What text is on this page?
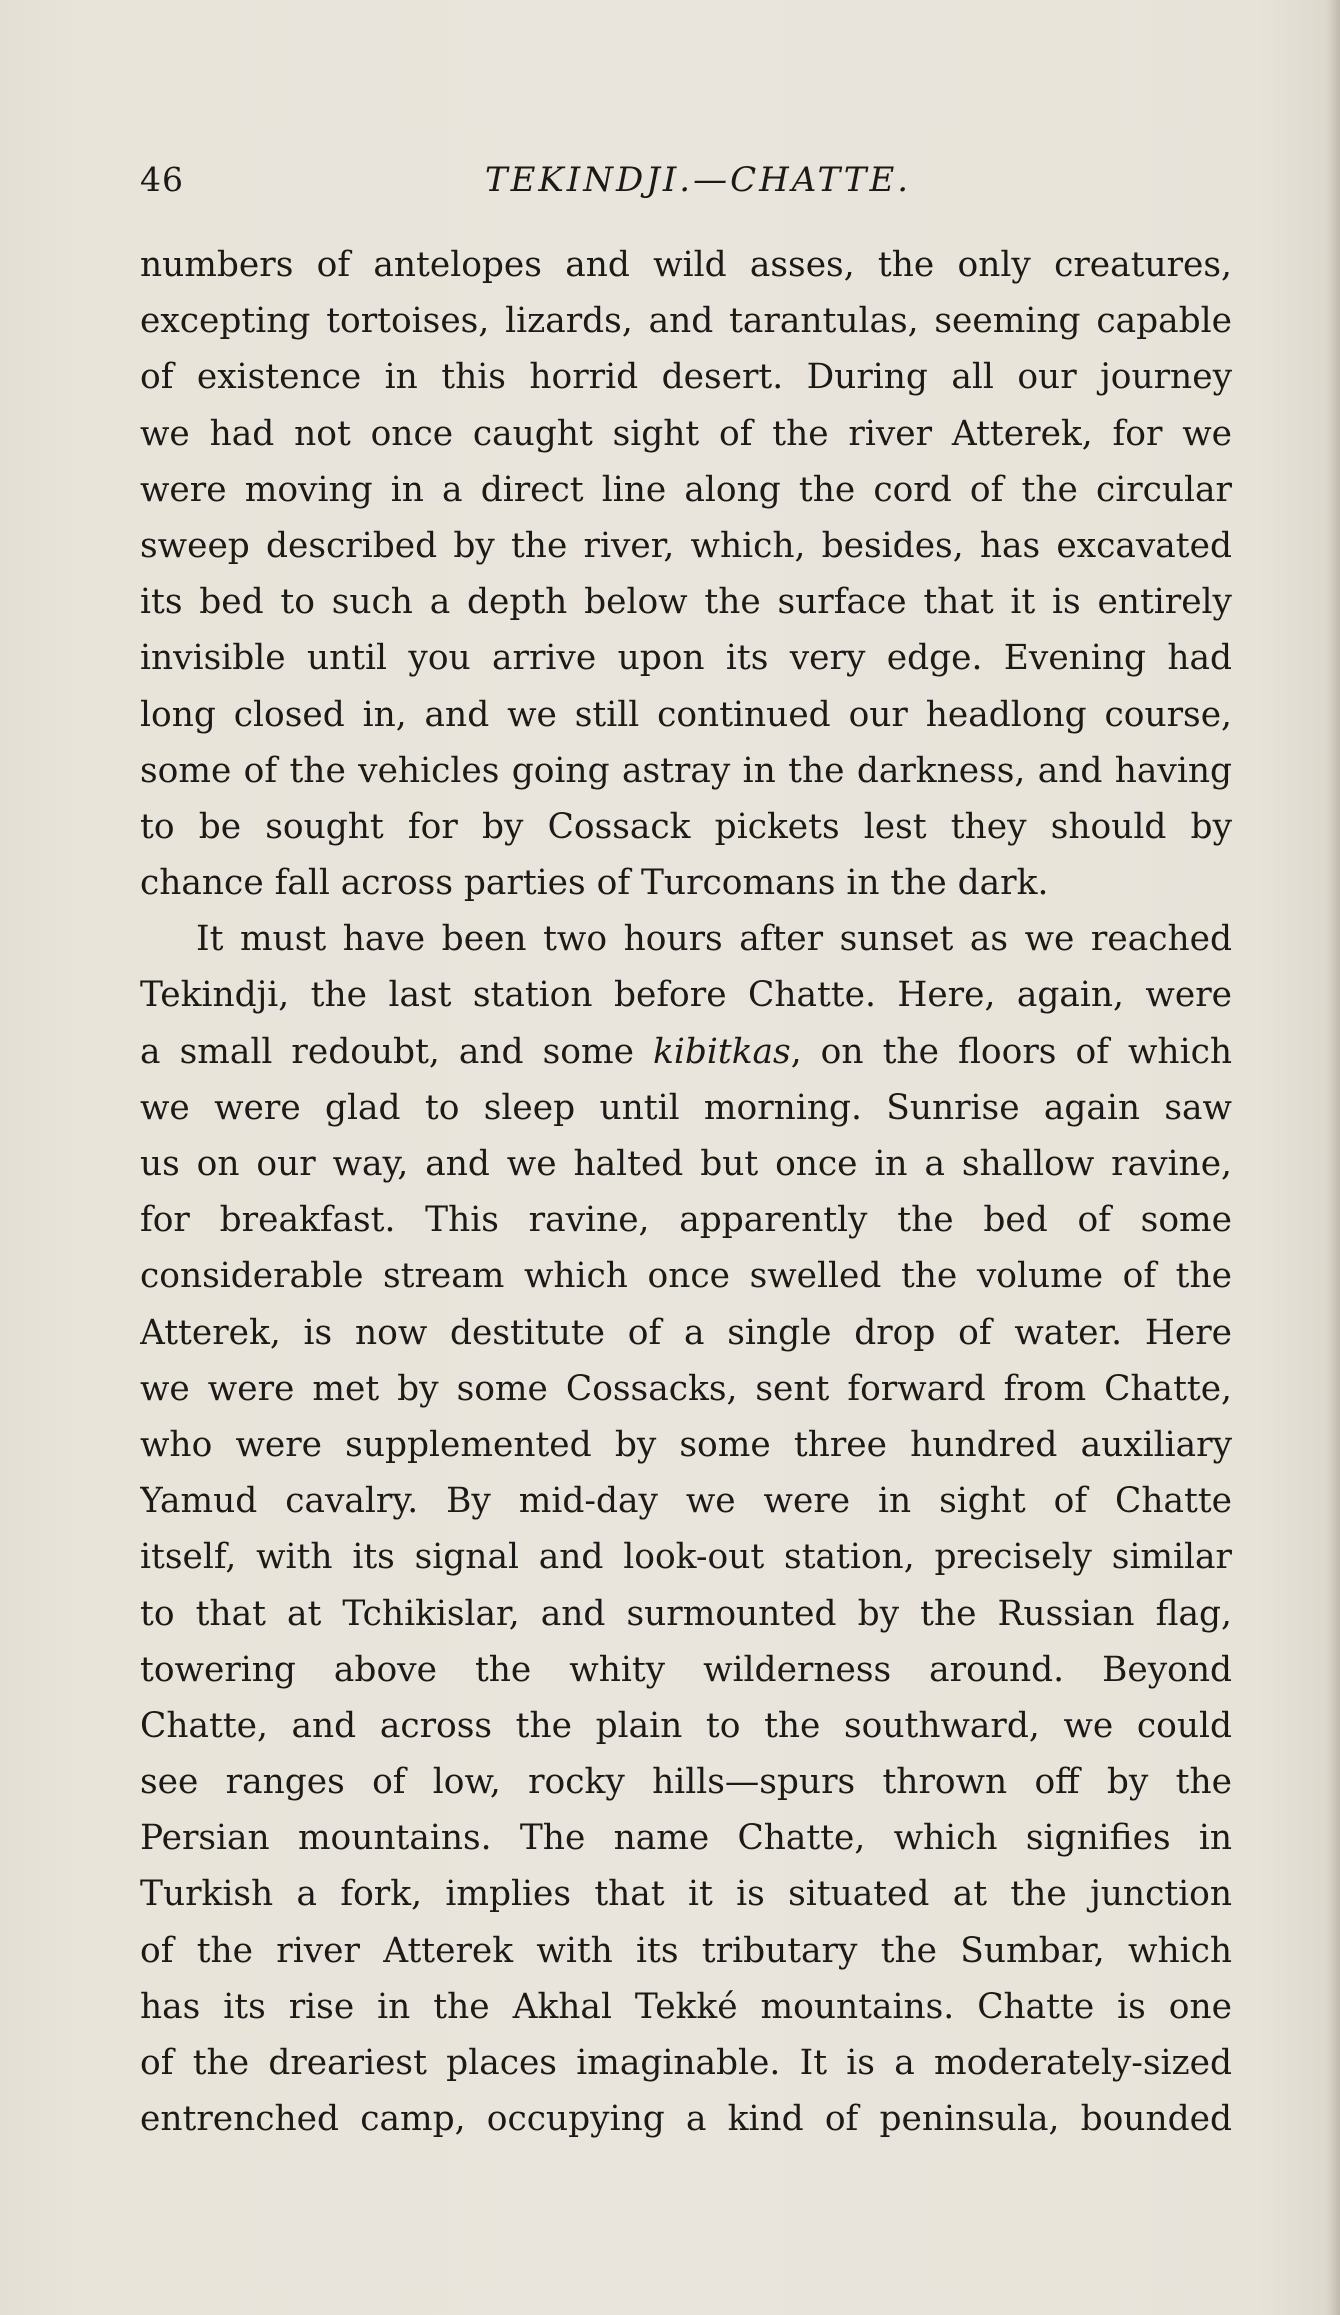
46	TEKINDJI.—CHATTE.
numbers of antelopes and wild asses, the only creatures,
excepting tortoises, lizards, and tarantulas, seeming capable
of existence in this horrid desert. During all our journey
we had not once caught sight of the river Atterek, for we
were moving in a direct line along the cord of the circular
sweep described by the river, which, besides, has excavated
its bed to such a depth below the surface that it is entirely
invisible until you arrive upon its very edge. Evening had
long closed in, and we still continued our headlong course,
some of the vehicles going astray in the darkness, and having
to be sought for by Cossack pickets lest they should by
chance fall across parties of Turcomans in the dark.
It must have been two hours after sunset as we reached
Tekindji, the last station before Chatte. Here, again, were
a small redoubt, and some kibitkas, on the floors of which
we were glad to sleep until morning. Sunrise again saw
us on our way, and we halted but once in a shallow ravine,
for breakfast. This ravine, apparently the bed of some
considerable stream which once swelled the volume of the
Atterek, is now destitute of a single drop of water. Here
we were met by some Cossacks, sent forward from Chatte,
who were supplemented by some three hundred auxiliary
Yamud cavalry. By mid-day we were in sight of Chatte
itself, with its signal and look-out station, precisely similar
to that at Tchikislar, and surmounted by the Russian flag,
towering above the whity wilderness around. Beyond
Chatte, and across the plain to the southward, we could
see ranges of low, rocky hills—spurs thrown off by the
Persian mountains. The name Chatte, which signifies in
Turkish a fork, implies that it is situated at the junction
of the river Atterek with its tributary the Sumbar, which
has its rise in the Akhal Tekké mountains. Chatte is one
of the dreariest places imaginable. It is a moderately-sized
entrenched camp, occupying a kind of peninsula, bounded
